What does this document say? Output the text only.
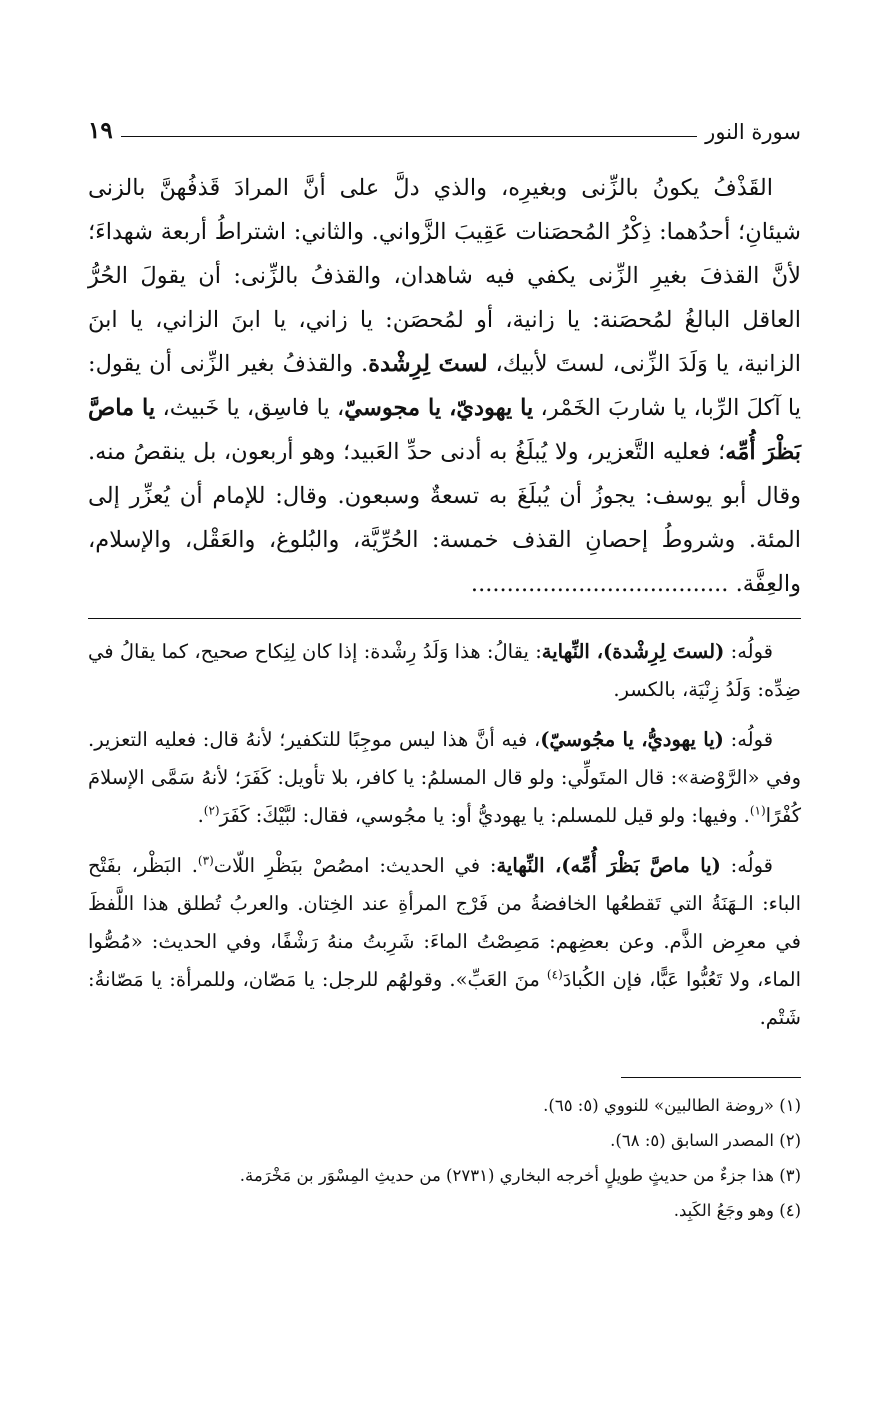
سورة النور
١٩
القَذْفُ يكونُ بالزِّنى وبغيرِه، والذي دلَّ على أنَّ المرادَ قَذفُهنَّ بالزنى شيئانِ؛ أحدُهما: ذِكْرُ المُحصَنات عَقِيبَ الزَّواني. والثاني: اشتراطُ أربعة شهداءَ؛ لأنَّ القذفَ بغيرِ الزِّنى يكفي فيه شاهدان، والقذفُ بالزِّنى: أن يقولَ الحُرُّ العاقل البالغُ لمُحصَنة: يا زانية، أو لمُحصَن: يا زاني، يا ابنَ الزاني، يا ابنَ الزانية، يا وَلَدَ الزِّنى، لستَ لأبيك، لستَ لِرِشْدة. والقذفُ بغير الزِّنى أن يقول: يا آكلَ الرِّبا، يا شاربَ الخَمْر، يا يهوديّ، يا مجوسيّ، يا فاسِق، يا خَبيث، يا ماصَّ بَظْرَ أُمِّه؛ فعليه التَّعزير، ولا يُبلَغُ به أدنى حدِّ العَبيد؛ وهو أربعون، بل ينقصُ منه. وقال أبو يوسف: يجوزُ أن يُبلَغَ به تسعةٌ وسبعون. وقال: للإمام أن يُعزِّر إلى المئة. وشروطُ إحصانِ القذف خمسة: الحُرِّيَّة، والبُلوغ، والعَقْل، والإسلام، والعِفَّة. ....................................

قولُه: (لستَ لِرِشْدة)، النِّهاية: يقالُ: هذا وَلَدُ رِشْدة: إذا كان لِنِكاح صحيح، كما يقالُ في ضِدِّه: وَلَدُ زِنْيَة، بالكسر.

قولُه: (يا يهوديُّ، يا مجُوسيّ)، فيه أنَّ هذا ليس موجِبًا للتكفير؛ لأنهُ قال: فعليه التعزير. وفي «الرَّوْضة»: قال المتَولِّي: ولو قال المسلمُ: يا كافر، بلا تأويل: كَفَرَ؛ لأنهُ سَمَّى الإسلامَ كُفْرًا$^{(١)}$. وفيها: ولو قيل للمسلم: يا يهوديُّ أو: يا مجُوسي، فقال: لبَّيْكَ: كَفَرَ$^{(٢)}$.

قولُه: (يا ماصَّ بَظْرَ أُمِّه)، النِّهاية: في الحديث: امصُصْ ببَظْرِ اللّات$^{(٣)}$. البَظْر، بفَتْح الباء: الـهَنَةُ التي تَقطعُها الخافضةُ من فَرْج المرأةِ عند الخِتان. والعربُ تُطلق هذا اللَّفظَ في معرِض الذَّم. وعن بعضِهم: مَصِصْتُ الماءَ: شَرِبتُ منهُ رَشْفًا، وفي الحديث: «مُصُّوا الماء، ولا تَعُبُّوا عَبًّا، فإن الكُبادَ$^{(٤)}$ منَ العَبِّ». وقولهُم للرجل: يا مَصّان، وللمرأة: يا مَصّانةُ: شَتْم.

(١) «روضة الطالبين» للنووي (٥: ٦٥).
(٢) المصدر السابق (٥: ٦٨).
(٣) هذا جزءٌ من حديثٍ طويلٍ أخرجه البخاري (٢٧٣١) من حديثِ المِسْوَر بن مَخْرَمة.
(٤) وهو وجَعُ الكَبِد.
